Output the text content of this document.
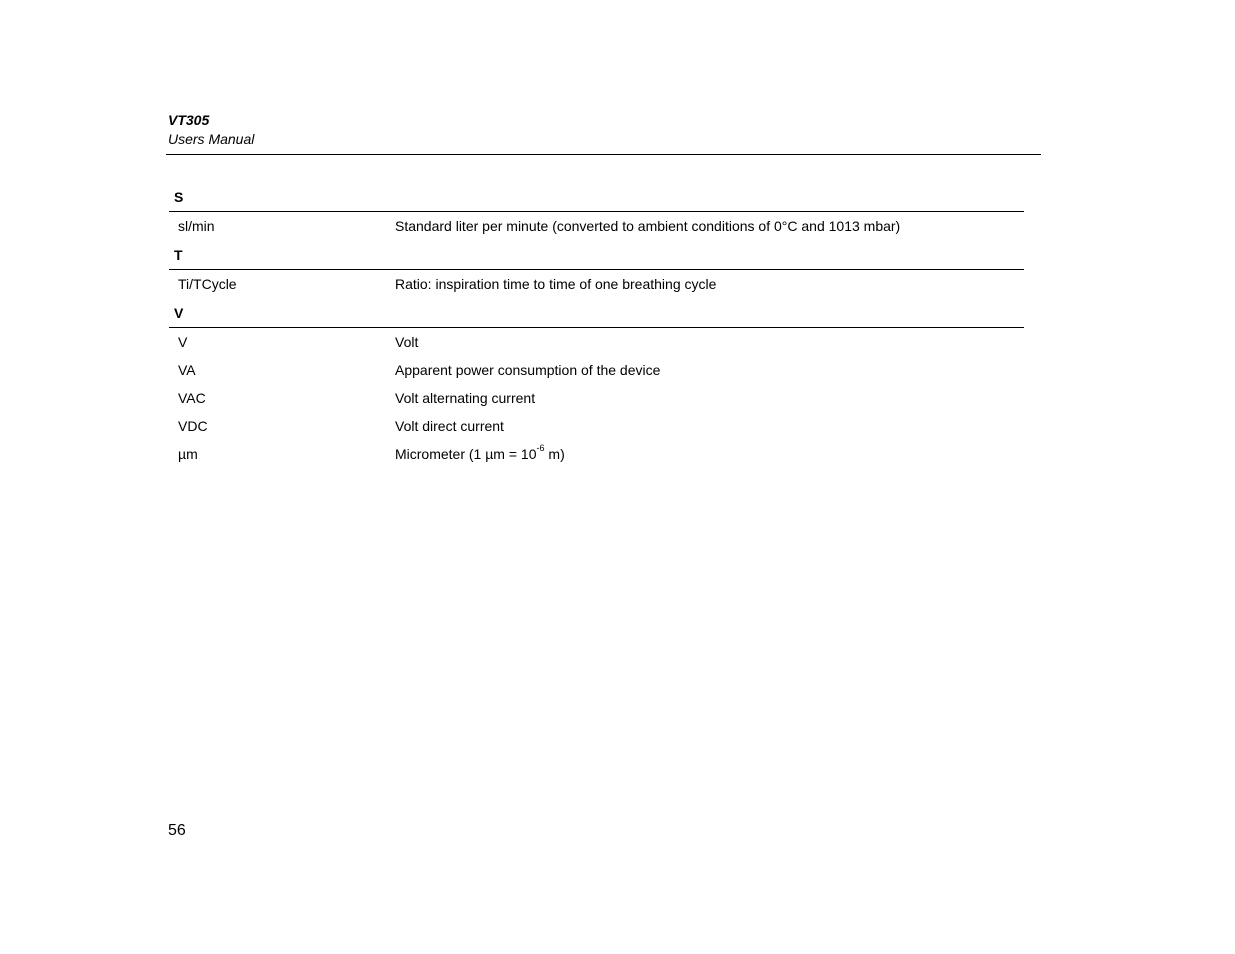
VT305
Users Manual
S
sl/min	Standard liter per minute (converted to ambient conditions of 0°C and 1013 mbar)
T
Ti/TCycle	Ratio: inspiration time to time of one breathing cycle
V
V	Volt
VA	Apparent power consumption of the device
VAC	Volt alternating current
VDC	Volt direct current
µm	Micrometer (1 $\mu m = 10^{-6}$ m)
56
